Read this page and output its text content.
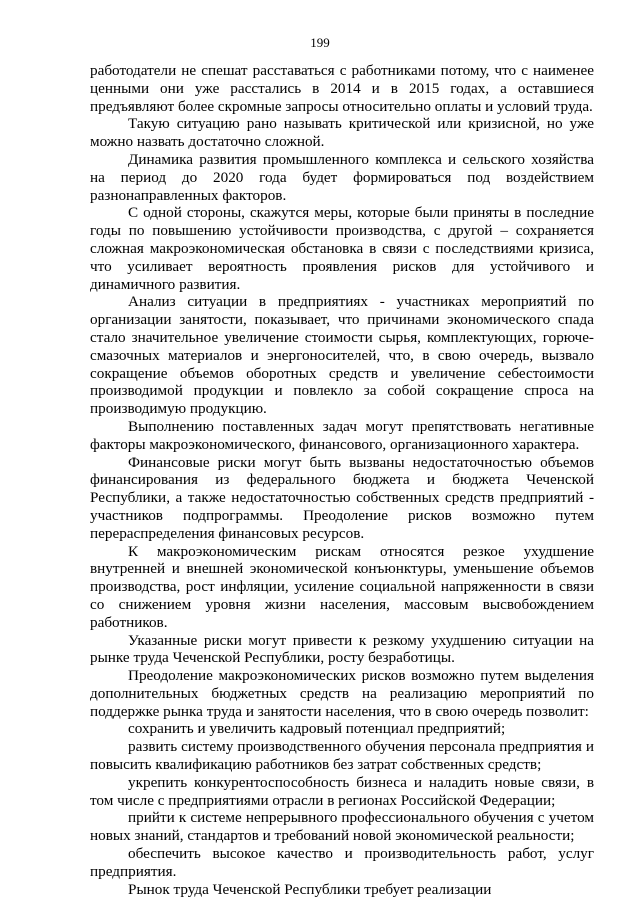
199

работодатели не спешат расставаться с работниками потому, что с наименее ценными они уже расстались в 2014 и в 2015 годах, а оставшиеся предъявляют более скромные запросы относительно оплаты и условий труда.

Такую ситуацию рано называть критической или кризисной, но уже можно назвать достаточно сложной.

Динамика развития промышленного комплекса и сельского хозяйства на период до 2020 года будет формироваться под воздействием разнонаправленных факторов.

С одной стороны, скажутся меры, которые были приняты в последние годы по повышению устойчивости производства, с другой – сохраняется сложная макроэкономическая обстановка в связи с последствиями кризиса, что усиливает вероятность проявления рисков для устойчивого и динамичного развития.

Анализ ситуации в предприятиях - участниках мероприятий по организации занятости, показывает, что причинами экономического спада стало значительное увеличение стоимости сырья, комплектующих, горюче-смазочных материалов и энергоносителей, что, в свою очередь, вызвало сокращение объемов оборотных средств и увеличение себестоимости производимой продукции и повлекло за собой сокращение спроса на производимую продукцию.

Выполнению поставленных задач могут препятствовать негативные факторы макроэкономического, финансового, организационного характера.

Финансовые риски могут быть вызваны недостаточностью объемов финансирования из федерального бюджета и бюджета Чеченской Республики, а также недостаточностью собственных средств предприятий - участников подпрограммы. Преодоление рисков возможно путем перераспределения финансовых ресурсов.

К макроэкономическим рискам относятся резкое ухудшение внутренней и внешней экономической конъюнктуры, уменьшение объемов производства, рост инфляции, усиление социальной напряженности в связи со снижением уровня жизни населения, массовым высвобождением работников.

Указанные риски могут привести к резкому ухудшению ситуации на рынке труда Чеченской Республики, росту безработицы.

Преодоление макроэкономических рисков возможно путем выделения дополнительных бюджетных средств на реализацию мероприятий по поддержке рынка труда и занятости населения, что в свою очередь позволит:

сохранить и увеличить кадровый потенциал предприятий;

развить систему производственного обучения персонала предприятия и повысить квалификацию работников без затрат собственных средств;

укрепить конкурентоспособность бизнеса и наладить новые связи, в том числе с предприятиями отрасли в регионах Российской Федерации;

прийти к системе непрерывного профессионального обучения с учетом новых знаний, стандартов и требований новой экономической реальности;

обеспечить высокое качество и производительность работ, услуг предприятия.

Рынок труда Чеченской Республики требует реализации
